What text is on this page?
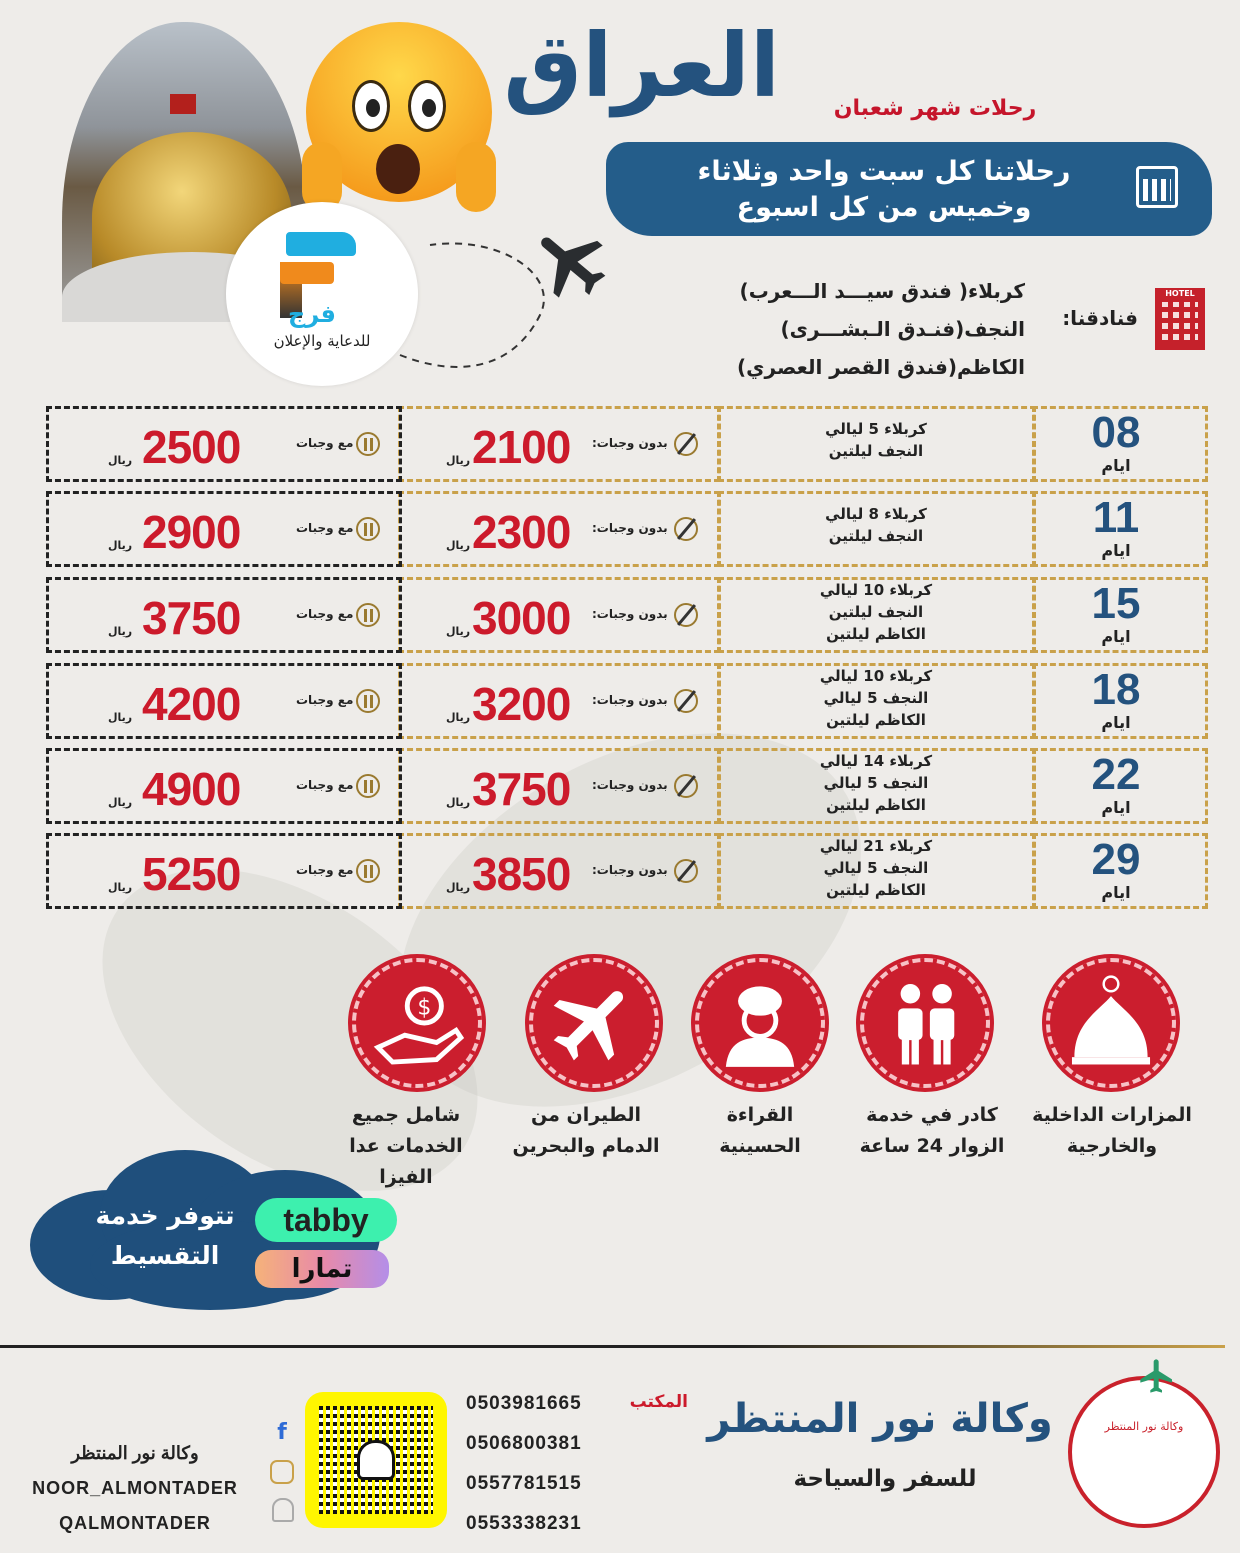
العراق	رحلات شهر شعبان
رحلاتنا كل سبت واحد وثلاثاء
وخميس من كل اسبوع
فرج
للدعاية والإعلان
HOTEL
فنادقنا:
كربلاء( فندق سيـــد الـــعرب)
النجف(فنـدق الـبشـــرى)
الكاظم(فندق القصر العصري)
08
ايام
كربلاء 5 ليالي
النجف ليلتين
بدون وجبات:
2100
ريال
مع وجبات
2500
ريال
11
ايام
كربلاء 8 ليالي
النجف ليلتين
بدون وجبات:
2300
ريال
مع وجبات
2900
ريال
15
ايام
كربلاء 10 ليالي
النجف ليلتين
الكاظم ليلتين
بدون وجبات:
3000
ريال
مع وجبات
3750
ريال
18
ايام
كربلاء 10 ليالي
النجف 5 ليالي
الكاظم ليلتين
بدون وجبات:
3200
ريال
مع وجبات
4200
ريال
22
ايام
كربلاء 14 ليالي
النجف 5 ليالي
الكاظم ليلتين
بدون وجبات:
3750
ريال
مع وجبات
4900
ريال
29
ايام
كربلاء 21 ليالي
النجف 5 ليالي
الكاظم ليلتين
بدون وجبات:
3850
ريال
مع وجبات
5250
ريال
$
المزارات الداخلية
والخارجية
كادر في خدمة
الزوار 24 ساعة
القراءة
الحسينية
الطيران من
الدمام والبحرين
شامل جميع
الخدمات عدا
الفيزا
تتوفر خدمة
التقسيط
tabby
تمارا
وكالة نور المنتظر
وكالة نور المنتظر
للسفر والسياحة
المكتب
0503981665
0506800381
0557781515
0553338231
f
وكالة نور المنتظر
NOOR_ALMONTADER
QALMONTADER
